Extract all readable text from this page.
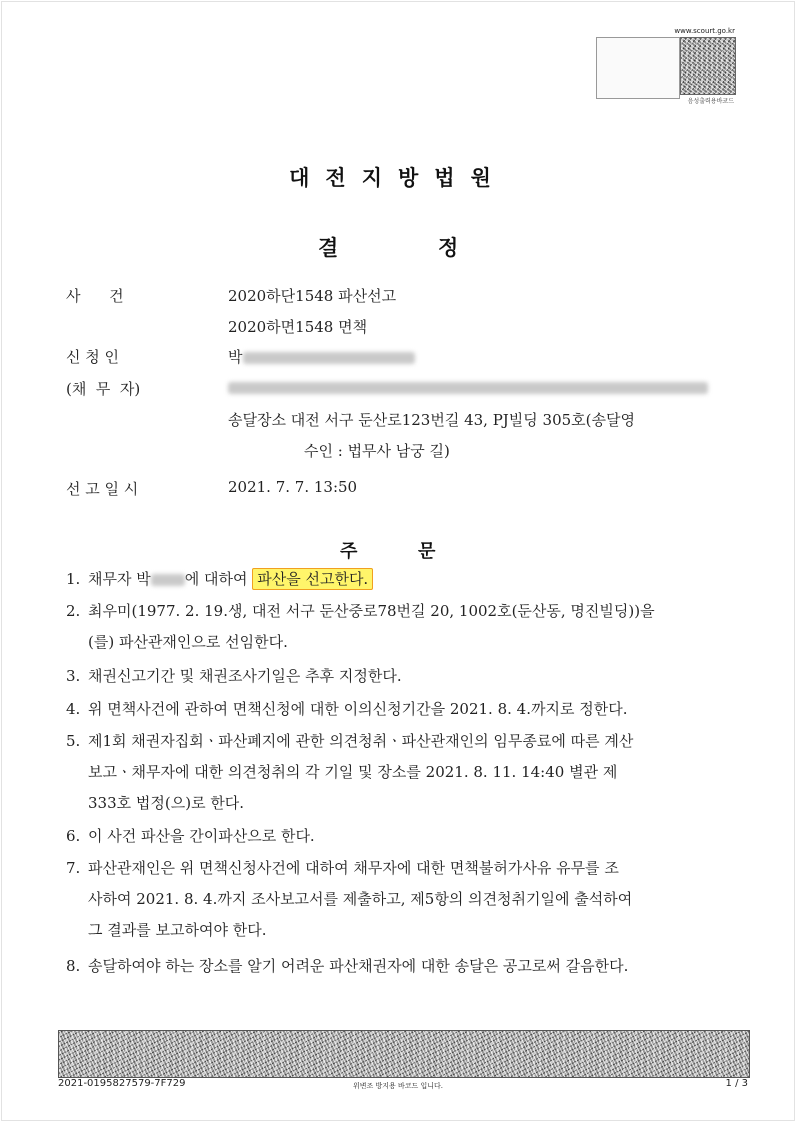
www.scourt.go.kr
음성출력용바코드
대전지방법원
결	정
사      건	2020하단1548 파산선고
2020하면1548 면책
신 청 인	박
(채  무  자)
송달장소 대전 서구 둔산로123번길 43, PJ빌딩 305호(송달영
수인 : 법무사 남궁 길)
선 고 일 시	2021. 7. 7. 13:50
주	문
1. 채무자 박 에 대하여 파산을 선고한다.
2. 최우미(1977. 2. 19.생, 대전 서구 둔산중로78번길 20, 1002호(둔산동, 명진빌딩))을
(를) 파산관재인으로 선임한다.
3. 채권신고기간 및 채권조사기일은 추후 지정한다.
4. 위 면책사건에 관하여 면책신청에 대한 이의신청기간을 2021. 8. 4.까지로 정한다.
5. 제1회 채권자집회ㆍ파산폐지에 관한 의견청취ㆍ파산관재인의 임무종료에 따른 계산
보고ㆍ채무자에 대한 의견청취의 각 기일 및 장소를 2021. 8. 11. 14:40 별관 제
333호 법정(으)로 한다.
6. 이 사건 파산을 간이파산으로 한다.
7. 파산관재인은 위 면책신청사건에 대하여 채무자에 대한 면책불허가사유 유무를 조
사하여 2021. 8. 4.까지 조사보고서를 제출하고, 제5항의 의견청취기일에 출석하여
그 결과를 보고하여야 한다.
8. 송달하여야 하는 장소를 알기 어려운 파산채권자에 대한 송달은 공고로써 갈음한다.
2021-0195827579-7F729	위변조 방지용 바코드 입니다.	1 / 3
